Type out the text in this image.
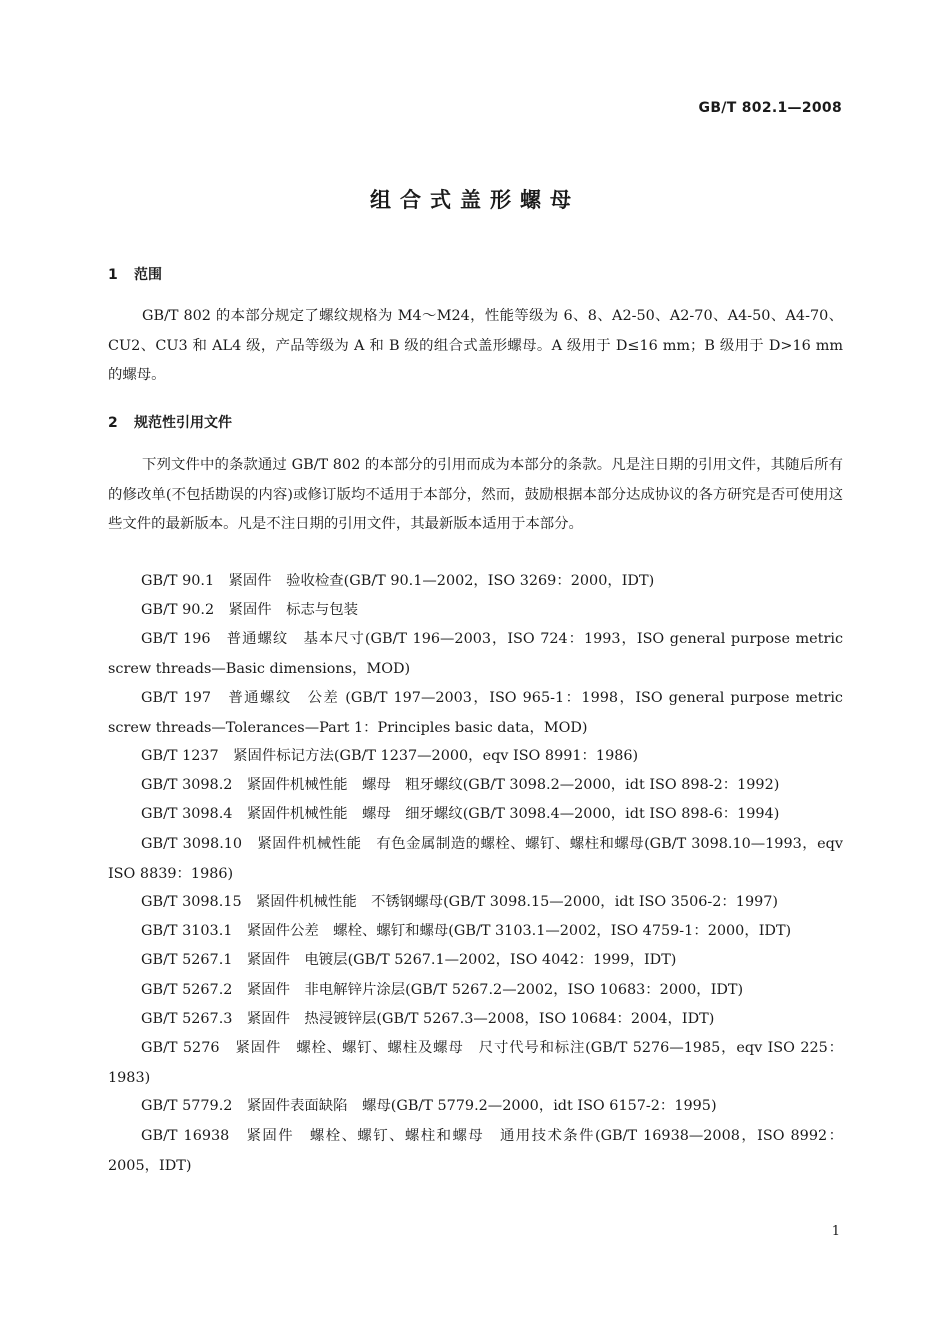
GB/T 802.1—2008
组合式盖形螺母
1 范围
GB/T 802 的本部分规定了螺纹规格为 M4～M24，性能等级为 6、8、A2-50、A2-70、A4-50、A4-70、CU2、CU3 和 AL4 级，产品等级为 A 和 B 级的组合式盖形螺母。A 级用于 D≤16 mm；B 级用于 D>16 mm 的螺母。
2 规范性引用文件
下列文件中的条款通过 GB/T 802 的本部分的引用而成为本部分的条款。凡是注日期的引用文件，其随后所有的修改单(不包括勘误的内容)或修订版均不适用于本部分，然而，鼓励根据本部分达成协议的各方研究是否可使用这些文件的最新版本。凡是不注日期的引用文件，其最新版本适用于本部分。
GB/T 90.1　紧固件　验收检查(GB/T 90.1—2002，ISO 3269：2000，IDT)
GB/T 90.2　紧固件　标志与包装
GB/T 196　普通螺纹　基本尺寸(GB/T 196—2003，ISO 724：1993，ISO general purpose metric screw threads—Basic dimensions，MOD)
GB/T 197　普通螺纹　公差 (GB/T 197—2003，ISO 965-1：1998，ISO general purpose metric screw threads—Tolerances—Part 1：Principles basic data，MOD)
GB/T 1237　紧固件标记方法(GB/T 1237—2000，eqv ISO 8991：1986)
GB/T 3098.2　紧固件机械性能　螺母　粗牙螺纹(GB/T 3098.2—2000，idt ISO 898-2：1992)
GB/T 3098.4　紧固件机械性能　螺母　细牙螺纹(GB/T 3098.4—2000，idt ISO 898-6：1994)
GB/T 3098.10　紧固件机械性能　有色金属制造的螺栓、螺钉、螺柱和螺母(GB/T 3098.10—1993，eqv ISO 8839：1986)
GB/T 3098.15　紧固件机械性能　不锈钢螺母(GB/T 3098.15—2000，idt ISO 3506-2：1997)
GB/T 3103.1　紧固件公差　螺栓、螺钉和螺母(GB/T 3103.1—2002，ISO 4759-1：2000，IDT)
GB/T 5267.1　紧固件　电镀层(GB/T 5267.1—2002，ISO 4042：1999，IDT)
GB/T 5267.2　紧固件　非电解锌片涂层(GB/T 5267.2—2002，ISO 10683：2000，IDT)
GB/T 5267.3　紧固件　热浸镀锌层(GB/T 5267.3—2008，ISO 10684：2004，IDT)
GB/T 5276　紧固件　螺栓、螺钉、螺柱及螺母　尺寸代号和标注(GB/T 5276—1985，eqv ISO 225：1983)
GB/T 5779.2　紧固件表面缺陷　螺母(GB/T 5779.2—2000，idt ISO 6157-2：1995)
GB/T 16938　紧固件　螺栓、螺钉、螺柱和螺母　通用技术条件(GB/T 16938—2008，ISO 8992：2005，IDT)
1
